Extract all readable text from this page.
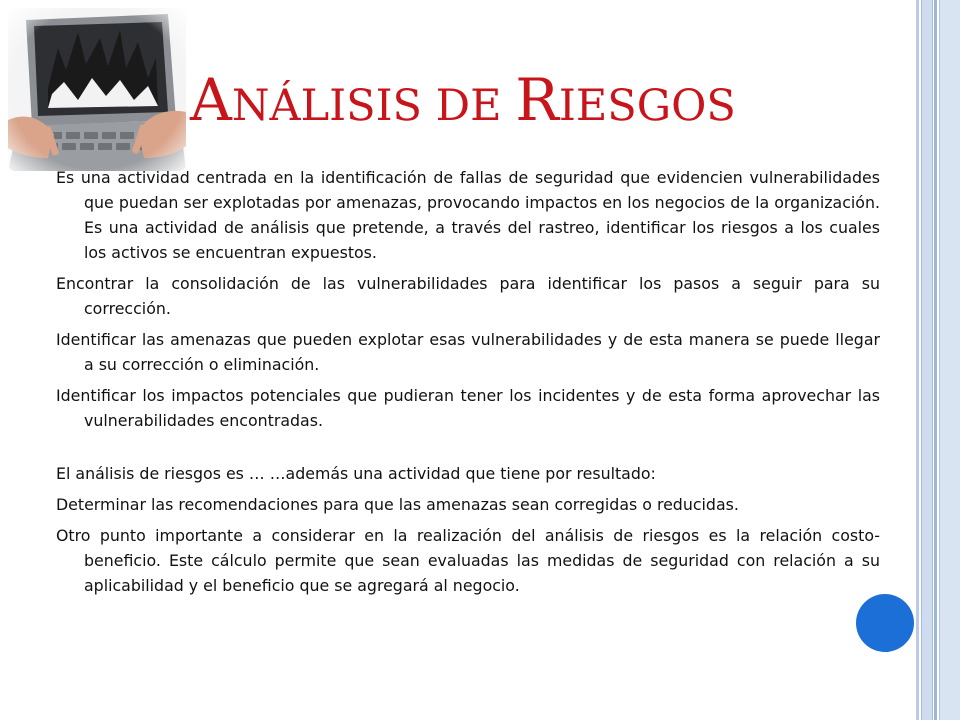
ANÁLISIS DE RIESGOS

Es una actividad centrada en la identificación de fallas de seguridad que evidencien vulnerabilidades que puedan ser explotadas por amenazas, provocando impactos en los negocios de la organización. Es una actividad de análisis que pretende, a través del rastreo, identificar los riesgos a los cuales los activos se encuentran expuestos.

Encontrar la consolidación de las vulnerabilidades para identificar los pasos a seguir para su corrección.

Identificar las amenazas que pueden explotar esas vulnerabilidades y de esta manera se puede llegar a su corrección o eliminación.

Identificar los impactos potenciales que pudieran tener los incidentes y de esta forma aprovechar las vulnerabilidades encontradas.

El análisis de riesgos es … …además una actividad que tiene por resultado:

Determinar las recomendaciones para que las amenazas sean corregidas o reducidas.

Otro punto importante a considerar en la realización del análisis de riesgos es la relación costo-beneficio. Este cálculo permite que sean evaluadas las medidas de seguridad con relación a su aplicabilidad y el beneficio que se agregará al negocio.
